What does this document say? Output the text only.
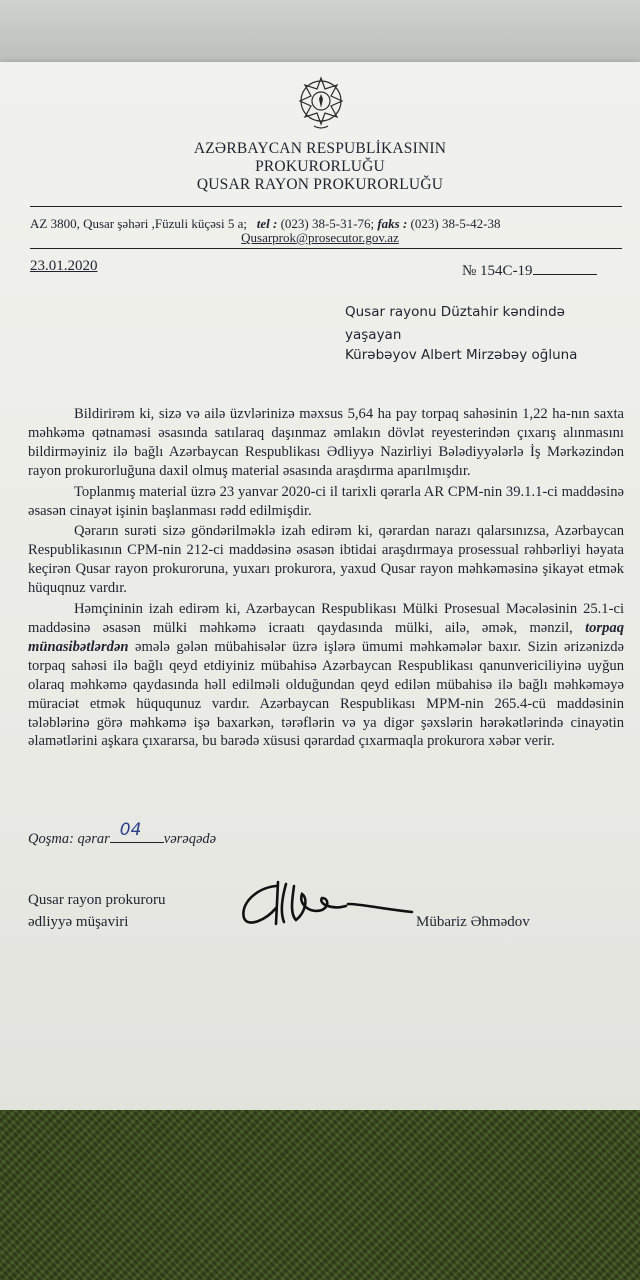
AZƏRBAYCAN RESPUBLİKASININ
PROKURORLUĞU
QUSAR RAYON PROKURORLUĞU
AZ 3800, Qusar şəhəri ,Füzuli küçəsi 5 a; tel : (023) 38-5-31-76; faks : (023) 38-5-42-38
Qusarprok@prosecutor.gov.az
23.01.2020	№ 154C-19
Qusar rayonu Düztahir kəndində
yaşayan
Kürəbəyov Albert Mirzəbəy oğluna

Bildirirəm ki, sizə və ailə üzvlərinizə məxsus 5,64 ha pay torpaq sahəsinin 1,22 ha-nın saxta məhkəmə qətnaməsi əsasında satılaraq daşınmaz əmlakın dövlət reyesterindən çıxarış alınmasını bildirməyiniz ilə bağlı Azərbaycan Respublikası Ədliyyə Nazirliyi Bələdiyyələrlə İş Mərkəzindən rayon prokurorluğuna daxil olmuş material əsasında araşdırma aparılmışdır.

Toplanmış material üzrə 23 yanvar 2020-ci il tarixli qərarla AR CPM-nin 39.1.1-ci maddəsinə əsasən cinayət işinin başlanması rədd edilmişdir.

Qərarın surəti sizə göndərilməklə izah edirəm ki, qərardan narazı qalarsınızsa, Azərbaycan Respublikasının CPM-nin 212-ci maddəsinə əsasən ibtidai araşdırmaya prosessual rəhbərliyi həyata keçirən Qusar rayon prokuroruna, yuxarı prokurora, yaxud Qusar rayon məhkəməsinə şikayət etmək hüquqnuz vardır.

Həmçininin izah edirəm ki, Azərbaycan Respublikası Mülki Prosesual Məcələsinin 25.1-ci maddəsinə əsasən mülki məhkəmə icraatı qaydasında mülki, ailə, əmək, mənzil, torpaq münasibətlərdən əmələ gələn mübahisələr üzrə işlərə ümumi məhkəmələr baxır. Sizin ərizənizdə torpaq sahəsi ilə bağlı qeyd etdiyiniz mübahisə Azərbaycan Respublikası qanunvericiliyinə uyğun olaraq məhkəmə qaydasında həll edilməli olduğundan qeyd edilən mübahisə ilə bağlı məhkəməyə müraciət etmək hüququnuz vardır. Azərbaycan Respublikası MPM-nin 265.4-cü maddəsinin tələblərinə görə məhkəmə işə baxarkən, tərəflərin və ya digər şəxslərin hərəkətlərində cinayətin əlamətlərini aşkara çıxararsa, bu barədə xüsusi qərardad çıxarmaqla prokurora xəbər verir.

Qoşma: qərar 04 vərəqədə
Qusar rayon prokuroru
ədliyyə müşaviri	Mübariz Əhmədov
